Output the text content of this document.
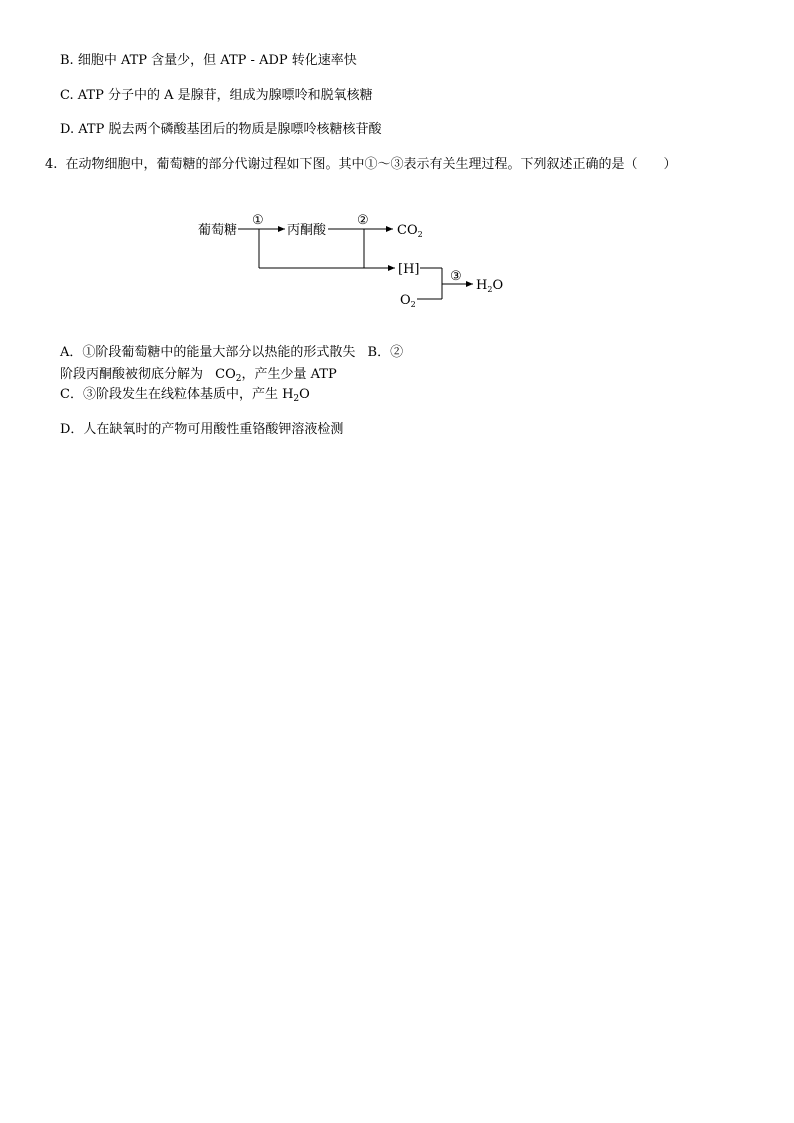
B. 细胞中 ATP 含量少，但 ATP - ADP 转化速率快
C. ATP 分子中的 A 是腺苷，组成为腺嘌呤和脱氧核糖
D. ATP 脱去两个磷酸基团后的物质是腺嘌呤核糖核苷酸
4. 在动物细胞中，葡萄糖的部分代谢过程如下图。其中①～③表示有关生理过程。下列叙述正确的是（　　）
葡萄糖
①
丙酮酸
②
$CO_2$
[H]
$O_2$
③
$H_2O$
A．①阶段葡萄糖中的能量大部分以热能的形式散失 B．②
阶段丙酮酸被彻底分解为 $CO_2$，产生少量 ATP
C．③阶段发生在线粒体基质中，产生 $H_2O$
D．人在缺氧时的产物可用酸性重铬酸钾溶液检测
